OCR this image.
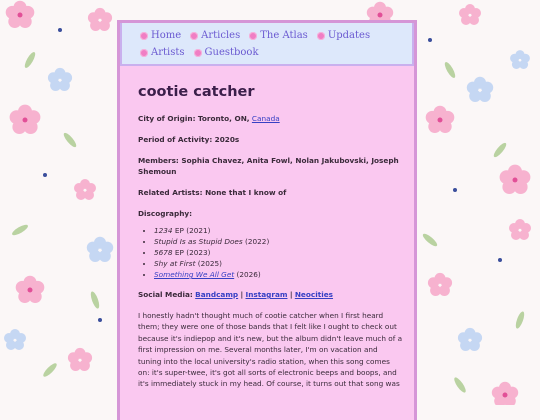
Home Articles The Atlas Updates
Artists Guestbook
cootie catcher
City of Origin: Toronto, ON, Canada
Period of Activity: 2020s
Members: Sophia Chavez, Anita Fowl, Nolan Jakubovski, Joseph Shemoun
Related Artists: None that I know of
Discography:
• 1234 EP (2021)
• Stupid Is as Stupid Does (2022)
• 5678 EP (2023)
• Shy at First (2025)
• Something We All Get (2026)
Social Media: Bandcamp | Instagram | Neocities
I honestly hadn't thought much of cootie catcher when I first heard them; they were one of those bands that I felt like I ought to check out because it's indiepop and it's new, but the album didn't leave much of a first impression on me. Several months later, I'm on vacation and tuning into the local university's radio station, when this song comes on: it's super-twee, it's got all sorts of electronic beeps and boops, and it's immediately stuck in my head. Of course, it turns out that song was
